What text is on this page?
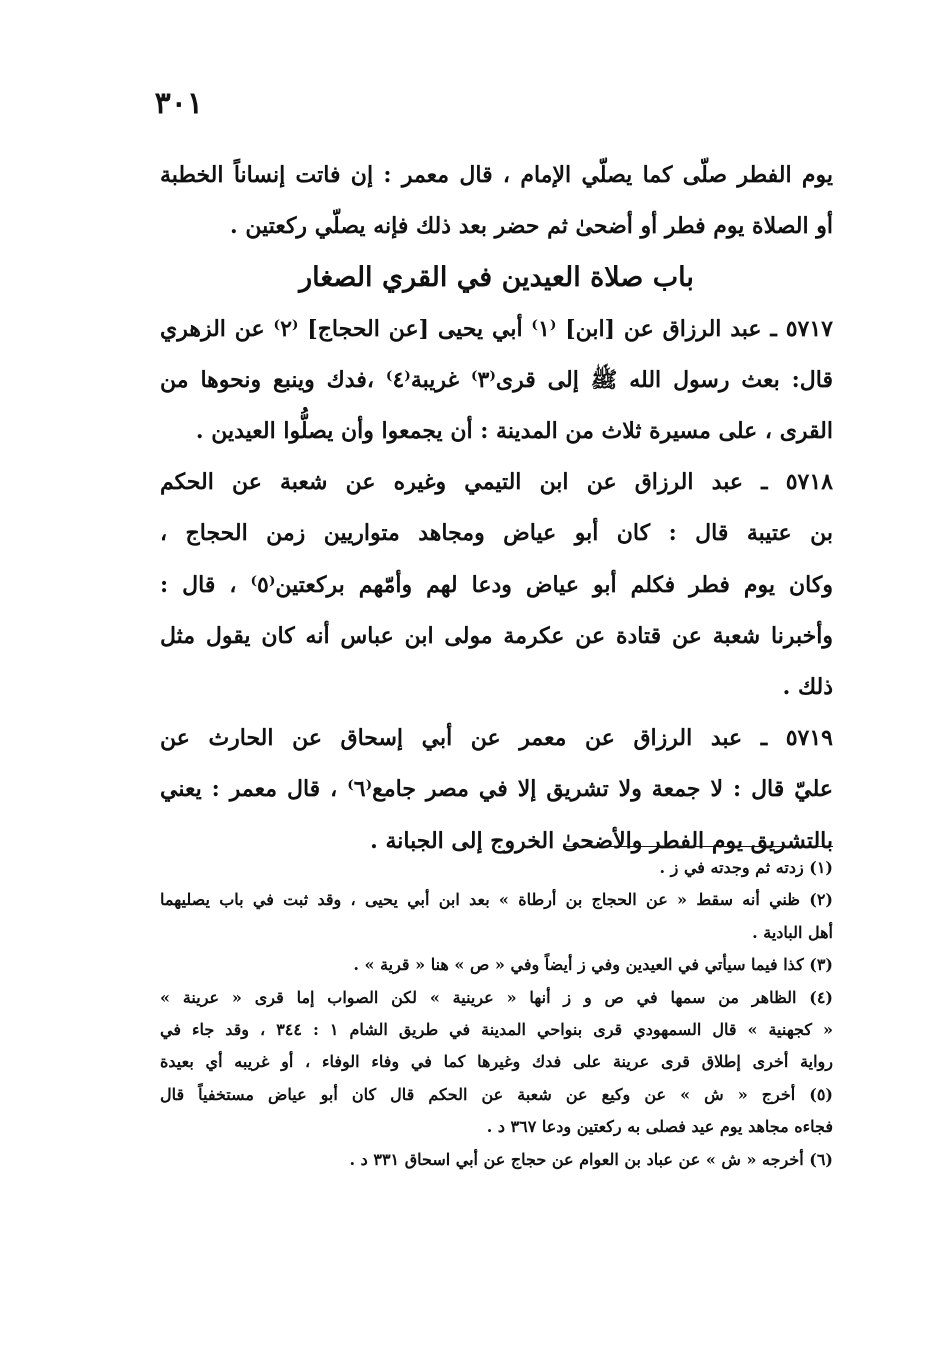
٣٠١
يوم الفطر صلّى كما يصلّي الإمام ، قال معمر : إن فاتت إنساناً الخطبة
أو الصلاة يوم فطر أو أضحىٰ ثم حضر بعد ذلك فإنه يصلّي ركعتين .
باب صلاة العيدين في القري الصغار
٥٧١٧ ـ عبد الرزاق عن [ابن] ⁽١⁾ أبي يحيى [عن الحجاج] ⁽٢⁾ عن الزهري
قال: بعث رسول الله ﷺ إلى قرى⁽٣⁾ غريبة⁽٤⁾ ،فدك وينبع ونحوها من
القرى ، على مسيرة ثلاث من المدينة : أن يجمعوا وأن يصلُّوا العيدين .
٥٧١٨ ـ عبد الرزاق عن ابن التيمي وغيره عن شعبة عن الحكم
بن عتيبة قال : كان أبو عياض ومجاهد متواريين زمن الحجاج ،
وكان يوم فطر فكلم أبو عياض ودعا لهم وأمّهم بركعتين⁽٥⁾ ، قال :
وأخبرنا شعبة عن قتادة عن عكرمة مولى ابن عباس أنه كان يقول مثل
ذلك .
٥٧١٩ ـ عبد الرزاق عن معمر عن أبي إسحاق عن الحارث عن
عليّ قال : لا جمعة ولا تشريق إلا في مصر جامع⁽٦⁾ ، قال معمر : يعني
بالتشريق يوم الفطر والأضحىٰ الخروج إلى الجبانة .
(١) زدته ثم وجدته في ز .
(٢) ظني أنه سقط « عن الحجاج بن أرطاة » بعد ابن أبي يحيى ، وقد ثبت في باب يصليهما
أهل البادية .
(٣) كذا فيما سيأتي في العيدين وفي ز أيضاً وفي « ص » هنا « قرية » .
(٤) الظاهر من سمها في ص و ز أنها « عرينية » لكن الصواب إما قرى « عرينة »
« كجهنية » قال السمهودي قرى بنواحي المدينة في طريق الشام ١ : ٣٤٤ ، وقد جاء في
رواية أخرى إطلاق قرى عرينة على فدك وغيرها كما في وفاء الوفاء ، أو غريبه أي بعيدة
(٥) أخرج « ش » عن وكيع عن شعبة عن الحكم قال كان أبو عياض مستخفياً قال
فجاءه مجاهد يوم عيد فصلى به ركعتين ودعا ٣٦٧ د .
(٦) أخرجه « ش » عن عباد بن العوام عن حجاج عن أبي اسحاق ٣٣١ د .
